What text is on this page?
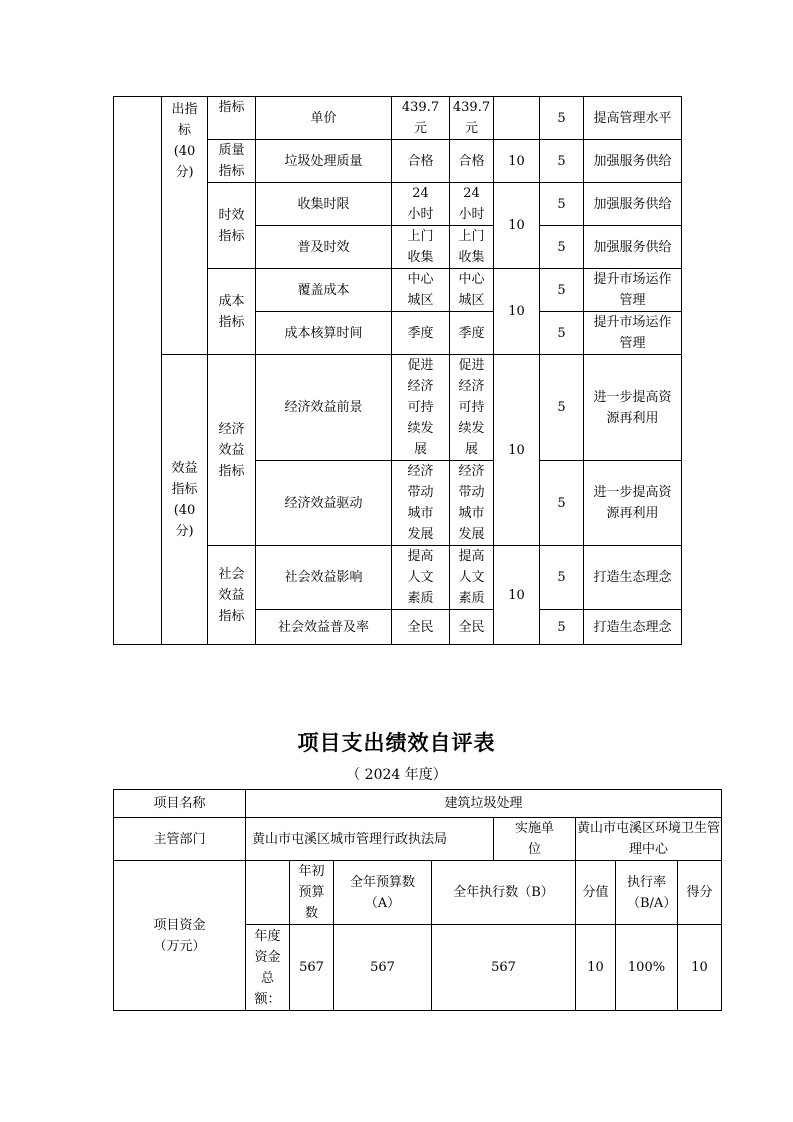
	出指标(40分)	指标	单价	439.7元	439.7元		5	提高管理水平

		质量指标	垃圾处理质量	合格	合格	10	5	加强服务供给

		时效指标	收集时限	24小时	24小时	10	5	加强服务供给

			普及时效	上门收集	上门收集		5	加强服务供给

		成本指标	覆盖成本	中心城区	中心城区	10	5	提升市场运作管理

			成本核算时间	季度	季度		5	提升市场运作管理

	效益指标(40分)	经济效益指标	经济效益前景	促进经济可持续发展	促进经济可持续发展	10	5	进一步提高资源再利用

			经济效益驱动	经济带动城市发展	经济带动城市发展		5	进一步提高资源再利用

		社会效益指标	社会效益影响	提高人文素质	提高人文素质	10	5	打造生态理念

			社会效益普及率	全民	全民		5	打造生态理念
项目支出绩效自评表
（ 2024 年度）
项目名称	建筑垃圾处理							

主管部门	黄山市屯溪区城市管理行政执法局				实施单位	黄山市屯溪区环境卫生管理中心		

项目资金（万元）		年初预算数	全年预算数（A）	全年执行数（B）		分值	执行率（B/A）	得分

	年度资金总额：	567	567	567		10	100%	10
